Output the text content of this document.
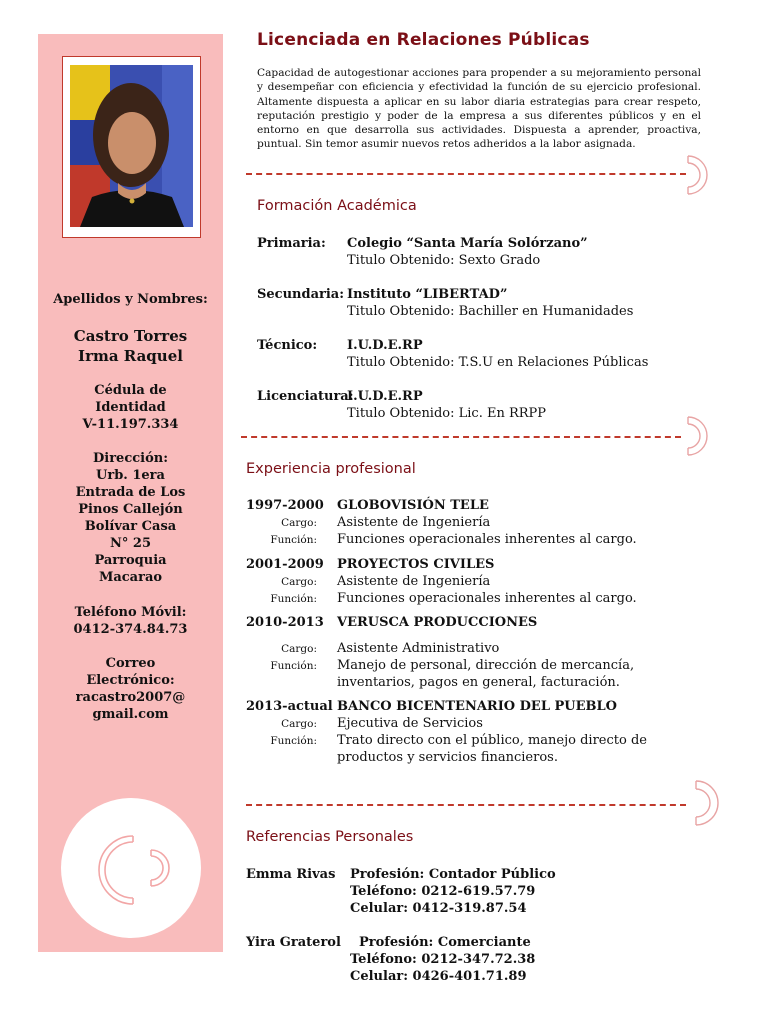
Apellidos y Nombres:
Castro Torres
Irma Raquel
Cédula de Identidad
V-11.197.334
Dirección:
Urb. 1era Entrada de Los Pinos Callejón Bolívar Casa N° 25 Parroquia Macarao
Teléfono Móvil:
0412-374.84.73
Correo Electrónico:
racastro2007@
gmail.com
Licenciada en Relaciones Públicas
Capacidad de autogestionar acciones para propender a su mejoramiento personal y desempeñar con eficiencia y efectividad la función de su ejercicio profesional. Altamente dispuesta a aplicar en su labor diaria estrategias para crear respeto, reputación prestigio y poder de la empresa a sus diferentes públicos y en el entorno en que desarrolla sus actividades. Dispuesta a aprender, proactiva, puntual. Sin temor asumir nuevos retos adheridos a la labor asignada.
Formación Académica
Primaria: Colegio “Santa María Solórzano”
Titulo Obtenido: Sexto Grado
Secundaria: Instituto “LIBERTAD”
Titulo Obtenido: Bachiller en Humanidades
Técnico: I.U.D.E.RP
Titulo Obtenido: T.S.U en Relaciones Públicas
Licenciatura:
I.U.D.E.RP
Titulo Obtenido: Lic. En RRPP
Experiencia profesional
1997-2000 GLOBOVISIÓN TELE
Cargo: Asistente de Ingeniería
Función: Funciones operacionales inherentes al cargo.
2001-2009 PROYECTOS CIVILES
Cargo: Asistente de Ingeniería
Función: Funciones operacionales inherentes al cargo.
2010-2013 VERUSCA PRODUCCIONES
Cargo: Asistente Administrativo
Función: Manejo de personal, dirección de mercancía,
inventarios, pagos en general, facturación.
2013-actual BANCO BICENTENARIO DEL PUEBLO
Cargo: Ejecutiva de Servicios
Función: Trato directo con el público, manejo directo de
productos y servicios financieros.
Referencias Personales
Emma Rivas Profesión: Contador Público
Teléfono: 0212-619.57.79
Celular: 0412-319.87.54
Yira Graterol Profesión: Comerciante
Teléfono: 0212-347.72.38
Celular: 0426-401.71.89
